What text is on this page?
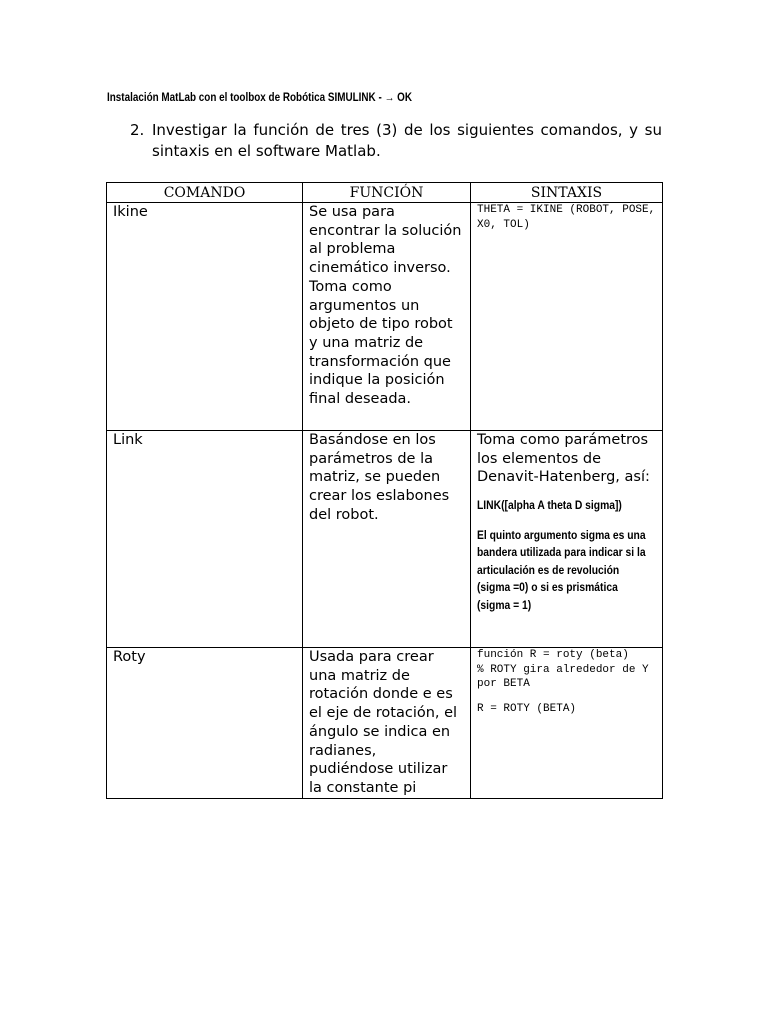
Instalación MatLab con el toolbox de Robótica SIMULINK - → OK
2. Investigar la función de tres (3) de los siguientes comandos, y su sintaxis en el software Matlab.
COMANDO	FUNCIÓN	SINTAXIS
Ikine	Se usa para encontrar la solución al problema cinemático inverso. Toma como argumentos un objeto de tipo robot y una matriz de transformación que indique la posición final deseada.	THETA = IKINE (ROBOT, POSE, X0, TOL)

Link	Basándose en los parámetros de la matriz, se pueden crear los eslabones del robot.	Toma como parámetros los elementos de Denavit-Hatenberg, así:
LINK([alpha A theta D sigma])
El quinto argumento sigma es una bandera utilizada para indicar si la articulación es de revolución (sigma =0) o si es prismática (sigma = 1)

Roty	Usada para crear una matriz de rotación donde e es el eje de rotación, el ángulo se indica en radianes, pudiéndose utilizar la constante pi	función R = roty (beta)
% ROTY gira alrededor de Y por BETA
R = ROTY (BETA)
